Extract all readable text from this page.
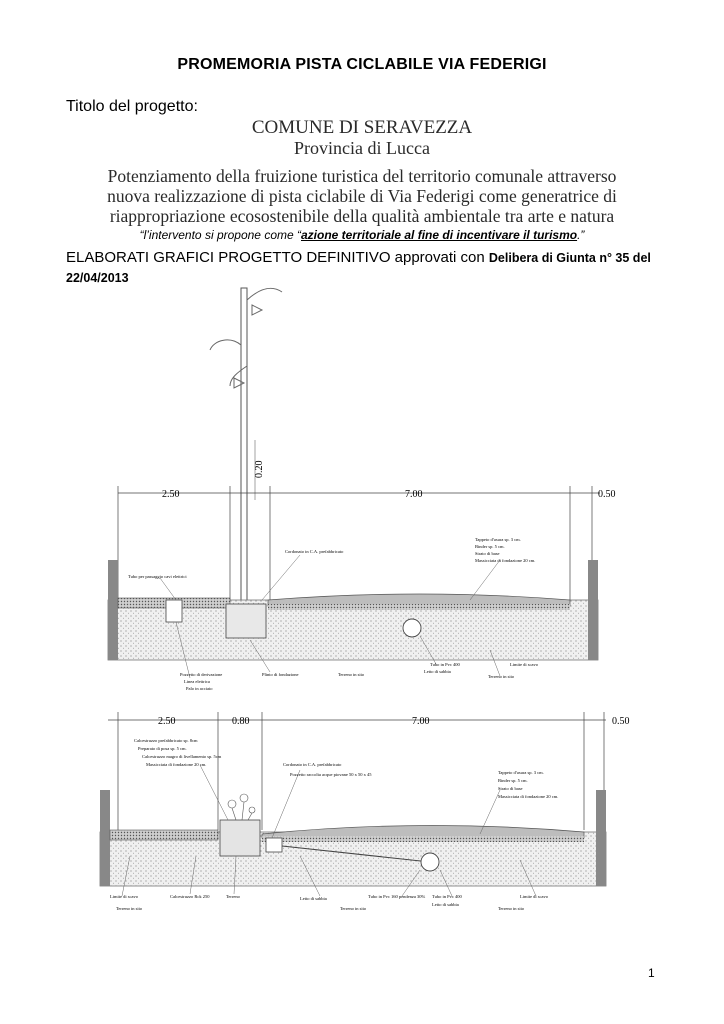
PROMEMORIA PISTA CICLABILE VIA FEDERIGI
Titolo del progetto:
COMUNE DI SERAVEZZA
Provincia di Lucca
Potenziamento della fruizione turistica del territorio comunale attraverso
nuova realizzazione di pista ciclabile di Via Federigi come generatrice di
riappropriazione ecosostenibile della qualità ambientale tra arte e natura
“l’intervento si propone come “azione territoriale al fine di incentivare il turismo.”
ELABORATI GRAFICI PROGETTO DEFINITIVO approvati con Delibera di Giunta n° 35 del 22/04/2013
0.20
2.50	7.00	0.50
Tubo per passaggio cavi elettrici
Cordonato in C.A. prefabbricato
Tappeto d'usura sp. 3 cm.
Binder sp. 5 cm.
Strato di base
Massicciata di fondazione 20 cm.
Pozzetto di derivazione
Linea elettrica
Palo in acciaio
Plinto di fondazione	Terreno in sito
Tubo in Pvc 400
Letto di sabbia
Limite di scavo
Terreno in sito
2.50	0.80	7.00	0.50
Calcestruzzo prefabbricato sp. 8cm
Preparato di posa sp. 5 cm.
Calcestruzzo magro di livellamento sp. 5cm
Massicciata di fondazione 20 cm.	Cordonato in C.A. prefabbricato
Pozzetto raccolta acque piovane 50 x 50 x 45	Tappeto d'usura sp. 3 cm.
Binder sp. 5 cm.
Strato di base
Massicciata di fondazione 20 cm.
Limite di scavo
Terreno in sito
Calcestruzzo Rck 250	Terreno	Letto di sabbia	Tubo in Pvc 160 pendenza 30%
Terreno in sito
Tubo in Pvc 400
Letto di sabbia
Limite di scavo
Terreno in sito
1
